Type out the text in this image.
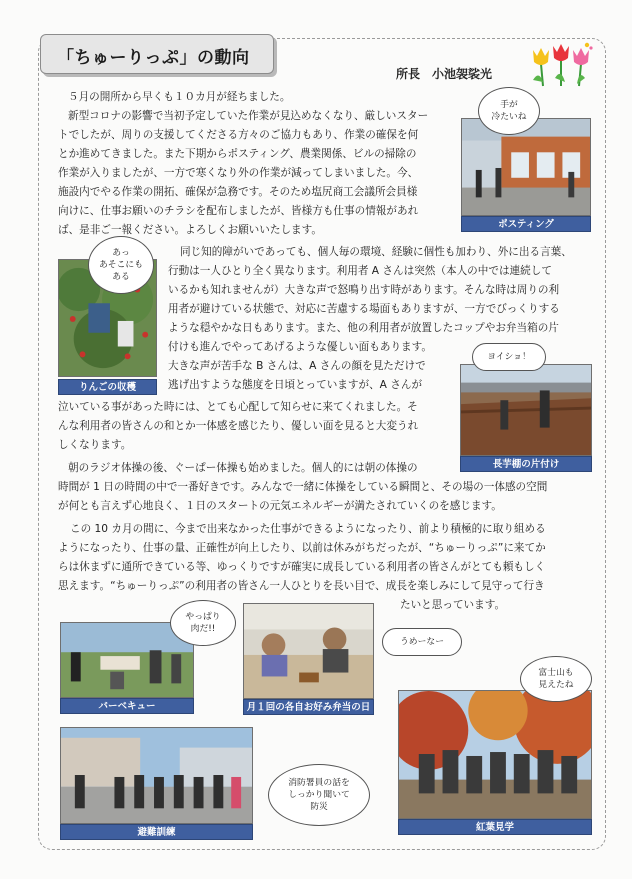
「ちゅーりっぷ」の動向
所長　小池袈裟光
５月の開所から早くも１０カ月が経ちました。
新型コロナの影響で当初予定していた作業が見込めなくなり、厳しいスター
トでしたが、周りの支援してくださる方々のご協力もあり、作業の確保を何
とか進めてきました。また下期からポスティング、農業関係、ビルの掃除の
作業が入りましたが、一方で寒くなり外の作業が減ってしまいました。今、
施設内でやる作業の開拓、確保が急務です。そのため塩尻商工会議所会員様
向けに、仕事お願いのチラシを配布しましたが、皆様方も仕事の情報があれ
ば、是非ご一報ください。よろしくお願いいたします。	ポスティング
手が
冷たいね
りんごの収穫
あっ
あそこにも
ある
同じ知的障がいであっても、個人毎の環境、経験に個性も加わり、外に出る言葉、
行動は一人ひとり全く異なります。利用者 A さんは突然（本人の中では連続して
いるかも知れませんが）大きな声で怒鳴り出す時があります。そんな時は周りの利
用者が避けている状態で、対応に苦慮する場面もありますが、一方でびっくりする
ような穏やかな日もあります。また、他の利用者が放置したコップやお弁当箱の片
付けも進んでやってあげるような優しい面もあります。
大きな声が苦手な B さんは、A さんの顔を見ただけで
逃げ出すような態度を日頃とっていますが、A さんが
長芋棚の片付け
ヨイショ！
泣いている事があった時には、とても心配して知らせに来てくれました。そ
んな利用者の皆さんの和とか一体感を感じたり、優しい面を見ると大変うれ
しくなります。
朝のラジオ体操の後、ぐーぱー体操も始めました。個人的には朝の体操の
時間が 1 日の時間の中で一番好きです。みんなで一緒に体操をしている瞬間と、その場の一体感の空間
が何とも言えず心地良く、１日のスタートの元気エネルギーが満たされていくのを感じます。
この 10 カ月の間に、今まで出来なかった仕事ができるようになったり、前より積極的に取り組める
ようになったり、仕事の量、正確性が向上したり、以前は休みがちだったが、“ちゅーりっぷ”に来てか
らは休まずに通所できている等、ゆっくりですが確実に成長している利用者の皆さんがとても頼もしく
思えます。“ちゅーりっぷ”の利用者の皆さん一人ひとりを長い目で、成長を楽しみにして見守って行き
たいと思っています。
バーベキュー
やっぱり
肉だ!!
月１回の各自お好み弁当の日
うめーなー
紅葉見学
富士山も
見えたね
避難訓練
消防署員の話を
しっかり聞いて
防災
